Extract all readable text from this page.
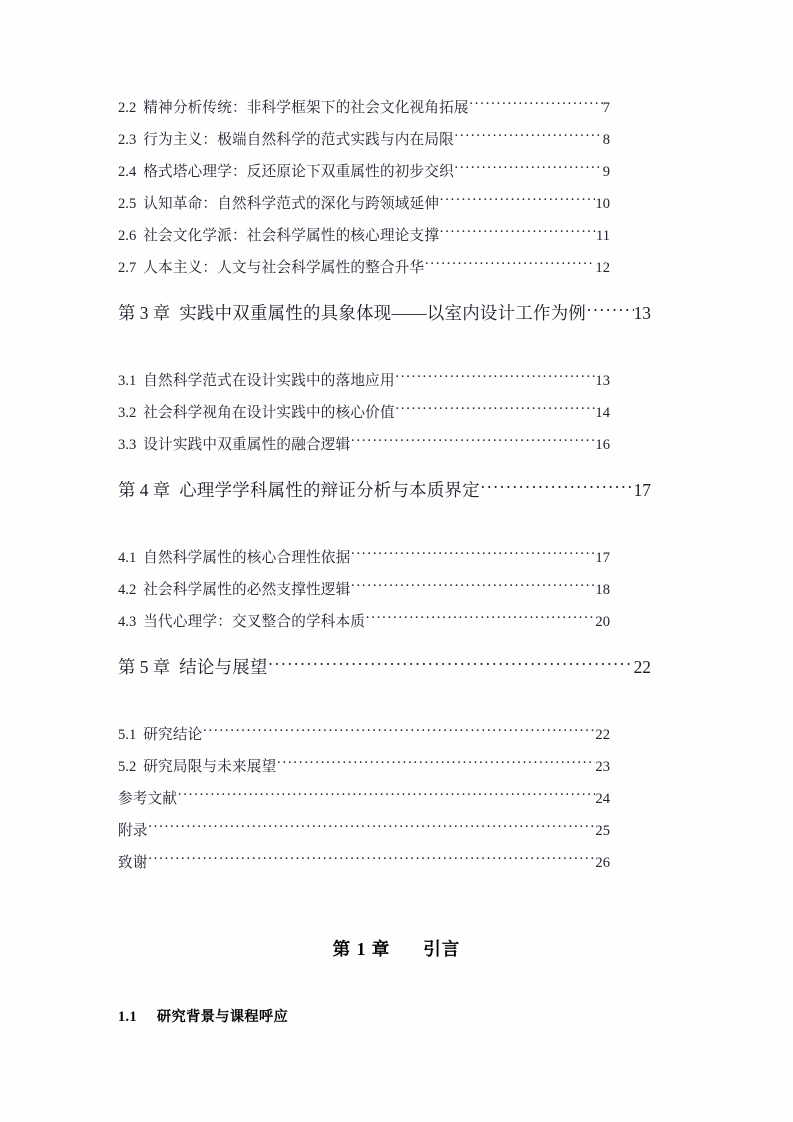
2.2 精神分析传统：非科学框架下的社会文化视角拓展 ·····	7
2.3 行为主义：极端自然科学的范式实践与内在局限 ·····	8
2.4 格式塔心理学：反还原论下双重属性的初步交织 ·····	9
2.5 认知革命：自然科学范式的深化与跨领域延伸 ·····	10
2.6 社会文化学派：社会科学属性的核心理论支撑 ·····	11
2.7 人本主义：人文与社会科学属性的整合升华 ·····	12
第 3 章 实践中双重属性的具象体现——以室内设计工作为例 ·····	13
3.1 自然科学范式在设计实践中的落地应用 ·····	13
3.2 社会科学视角在设计实践中的核心价值 ·····	14
3.3 设计实践中双重属性的融合逻辑 ·····	16
第 4 章 心理学学科属性的辩证分析与本质界定 ·····	17
4.1 自然科学属性的核心合理性依据 ·····	17
4.2 社会科学属性的必然支撑性逻辑 ·····	18
4.3 当代心理学：交叉整合的学科本质 ·····	20
第 5 章 结论与展望 ·····	22
5.1 研究结论 ·····	22
5.2 研究局限与未来展望 ·····	23
参考文献 ·····	24
附录 ·····	25
致谢 ·····	26
第 1 章 引言
1.1 研究背景与课程呼应
